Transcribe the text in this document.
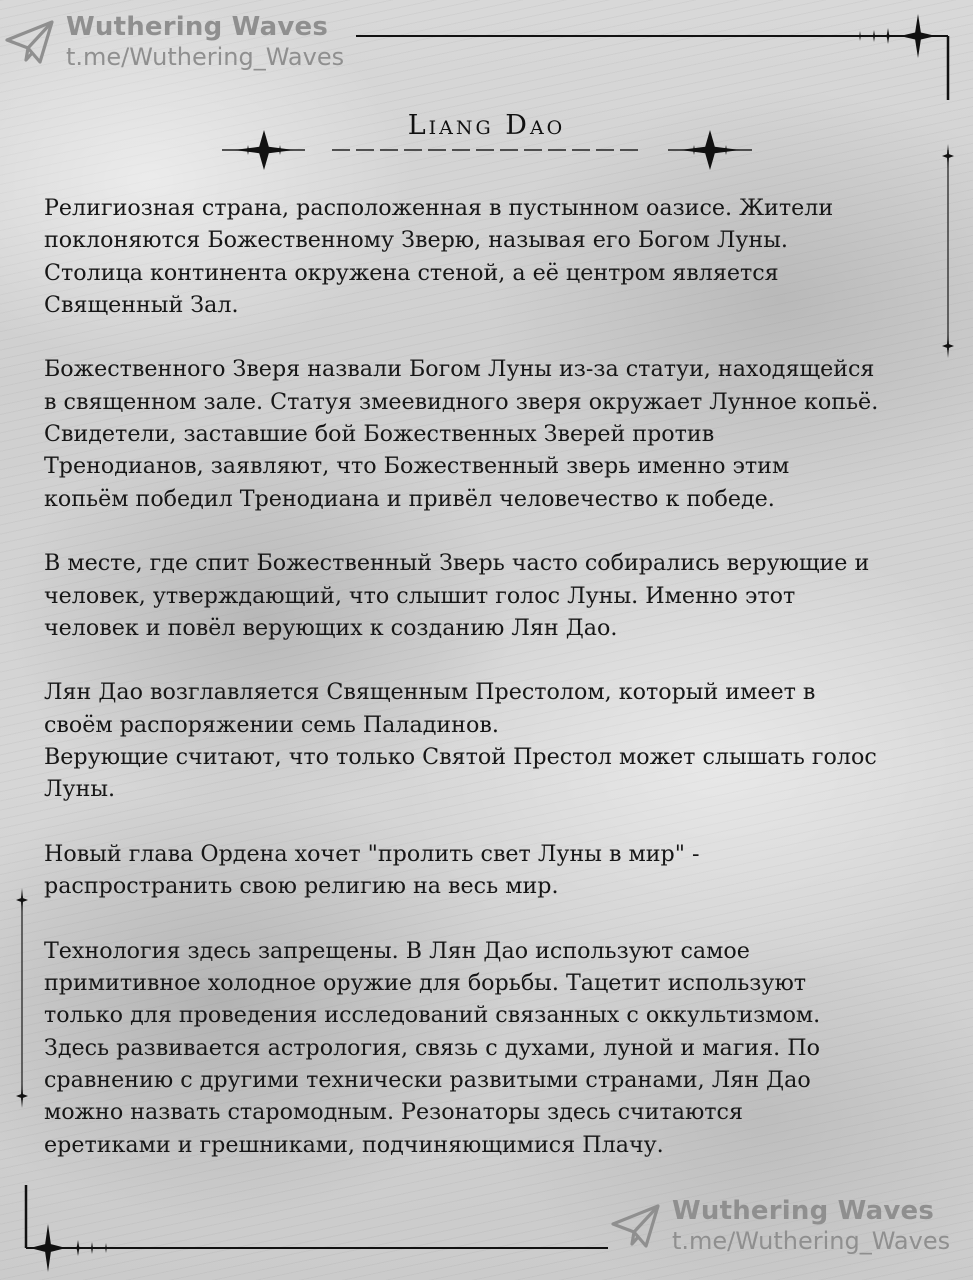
Wuthering Waves
t.me/Wuthering_Waves
Wuthering Waves
t.me/Wuthering_Waves
Liang Dao

Религиозная страна, расположенная в пустынном оазисе. Жители
поклоняются Божественному Зверю, называя его Богом Луны.
Столица континента окружена стеной, а её центром является
Священный Зал.

Божественного Зверя назвали Богом Луны из-за статуи, находящейся
в священном зале. Статуя змеевидного зверя окружает Лунное копьё.
Свидетели, заставшие бой Божественных Зверей против
Тренодианов, заявляют, что Божественный зверь именно этим
копьём победил Тренодиана и привёл человечество к победе.

В месте, где спит Божественный Зверь часто собирались верующие и
человек, утверждающий, что слышит голос Луны. Именно этот
человек и повёл верующих к созданию Лян Дао.

Лян Дао возглавляется Священным Престолом, который имеет в
своём распоряжении семь Паладинов.
Верующие считают, что только Святой Престол может слышать голос
Луны.

Новый глава Ордена хочет "пролить свет Луны в мир" -
распространить свою религию на весь мир.

Технология здесь запрещены. В Лян Дао используют самое
примитивное холодное оружие для борьбы. Тацетит используют
только для проведения исследований связанных с оккультизмом.
Здесь развивается астрология, связь с духами, луной и магия. По
сравнению с другими технически развитыми странами, Лян Дао
можно назвать старомодным. Резонаторы здесь считаются
еретиками и грешниками, подчиняющимися Плачу.
